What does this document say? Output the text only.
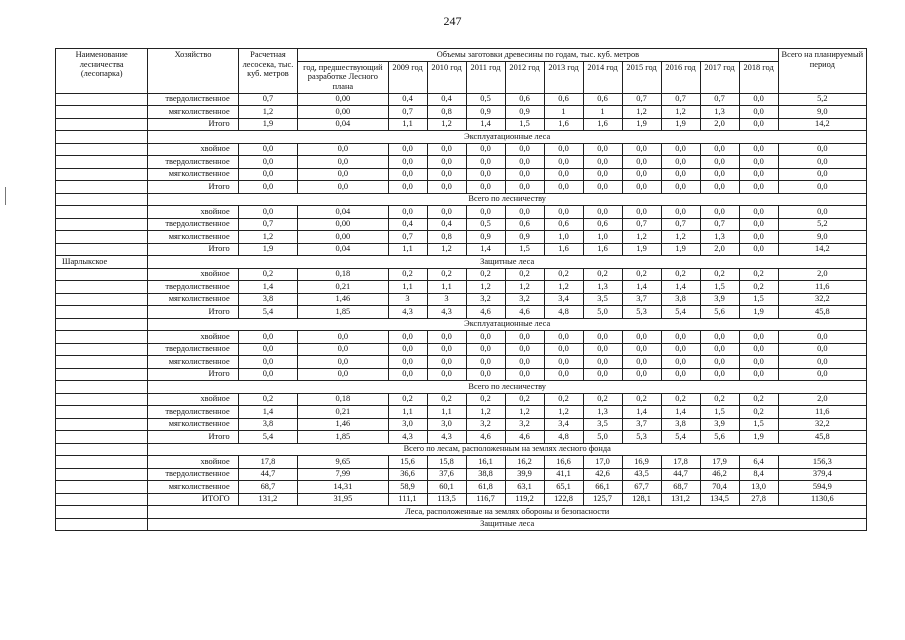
247
Наименование лесничества (лесопарка)	Хозяйство	Расчетная лесосека, тыс. куб. метров	Объемы заготовки древесины по годам, тыс. куб. метров											Всего на планируемый период
			год, предшествующий разработке Лесного плана	2009 год	2010 год	2011 год	2012 год	2013 год	2014 год	2015 год	2016 год	2017 год	2018 год	
	твердолиственное	0,7	0,00	0,4	0,4	0,5	0,6	0,6	0,6	0,7	0,7	0,7	0,0	5,2
	мягколиственное	1,2	0,00	0,7	0,8	0,9	0,9	1	1	1,2	1,2	1,3	0,0	9,0
	Итого	1,9	0,04	1,1	1,2	1,4	1,5	1,6	1,6	1,9	1,9	2,0	0,0	14,2
	Эксплуатационные леса													
	хвойное	0,0	0,0	0,0	0,0	0,0	0,0	0,0	0,0	0,0	0,0	0,0	0,0	0,0
	твердолиственное	0,0	0,0	0,0	0,0	0,0	0,0	0,0	0,0	0,0	0,0	0,0	0,0	0,0
	мягколиственное	0,0	0,0	0,0	0,0	0,0	0,0	0,0	0,0	0,0	0,0	0,0	0,0	0,0
	Итого	0,0	0,0	0,0	0,0	0,0	0,0	0,0	0,0	0,0	0,0	0,0	0,0	0,0
	Всего по лесничеству													
	хвойное	0,0	0,04	0,0	0,0	0,0	0,0	0,0	0,0	0,0	0,0	0,0	0,0	0,0
	твердолиственное	0,7	0,00	0,4	0,4	0,5	0,6	0,6	0,6	0,7	0,7	0,7	0,0	5,2
	мягколиственное	1,2	0,00	0,7	0,8	0,9	0,9	1,0	1,0	1,2	1,2	1,3	0,0	9,0
	Итого	1,9	0,04	1,1	1,2	1,4	1,5	1,6	1,6	1,9	1,9	2,0	0,0	14,2
Шарлыкское	Защитные леса													
	хвойное	0,2	0,18	0,2	0,2	0,2	0,2	0,2	0,2	0,2	0,2	0,2	0,2	2,0
	твердолиственное	1,4	0,21	1,1	1,1	1,2	1,2	1,2	1,3	1,4	1,4	1,5	0,2	11,6
	мягколиственное	3,8	1,46	3	3	3,2	3,2	3,4	3,5	3,7	3,8	3,9	1,5	32,2
	Итого	5,4	1,85	4,3	4,3	4,6	4,6	4,8	5,0	5,3	5,4	5,6	1,9	45,8
	Эксплуатационные леса													
	хвойное	0,0	0,0	0,0	0,0	0,0	0,0	0,0	0,0	0,0	0,0	0,0	0,0	0,0
	твердолиственное	0,0	0,0	0,0	0,0	0,0	0,0	0,0	0,0	0,0	0,0	0,0	0,0	0,0
	мягколиственное	0,0	0,0	0,0	0,0	0,0	0,0	0,0	0,0	0,0	0,0	0,0	0,0	0,0
	Итого	0,0	0,0	0,0	0,0	0,0	0,0	0,0	0,0	0,0	0,0	0,0	0,0	0,0
	Всего по лесничеству													
	хвойное	0,2	0,18	0,2	0,2	0,2	0,2	0,2	0,2	0,2	0,2	0,2	0,2	2,0
	твердолиственное	1,4	0,21	1,1	1,1	1,2	1,2	1,2	1,3	1,4	1,4	1,5	0,2	11,6
	мягколиственное	3,8	1,46	3,0	3,0	3,2	3,2	3,4	3,5	3,7	3,8	3,9	1,5	32,2
	Итого	5,4	1,85	4,3	4,3	4,6	4,6	4,8	5,0	5,3	5,4	5,6	1,9	45,8
	Всего по лесам, расположенным на землях лесного фонда													
	хвойное	17,8	9,65	15,6	15,8	16,1	16,2	16,6	17,0	16,9	17,8	17,9	6,4	156,3
	твердолиственное	44,7	7,99	36,6	37,6	38,8	39,9	41,1	42,6	43,5	44,7	46,2	8,4	379,4
	мягколиственное	68,7	14,31	58,9	60,1	61,8	63,1	65,1	66,1	67,7	68,7	70,4	13,0	594,9
	ИТОГО	131,2	31,95	111,1	113,5	116,7	119,2	122,8	125,7	128,1	131,2	134,5	27,8	1130,6
	Леса, расположенные на землях обороны и безопасности													
	Защитные леса													
